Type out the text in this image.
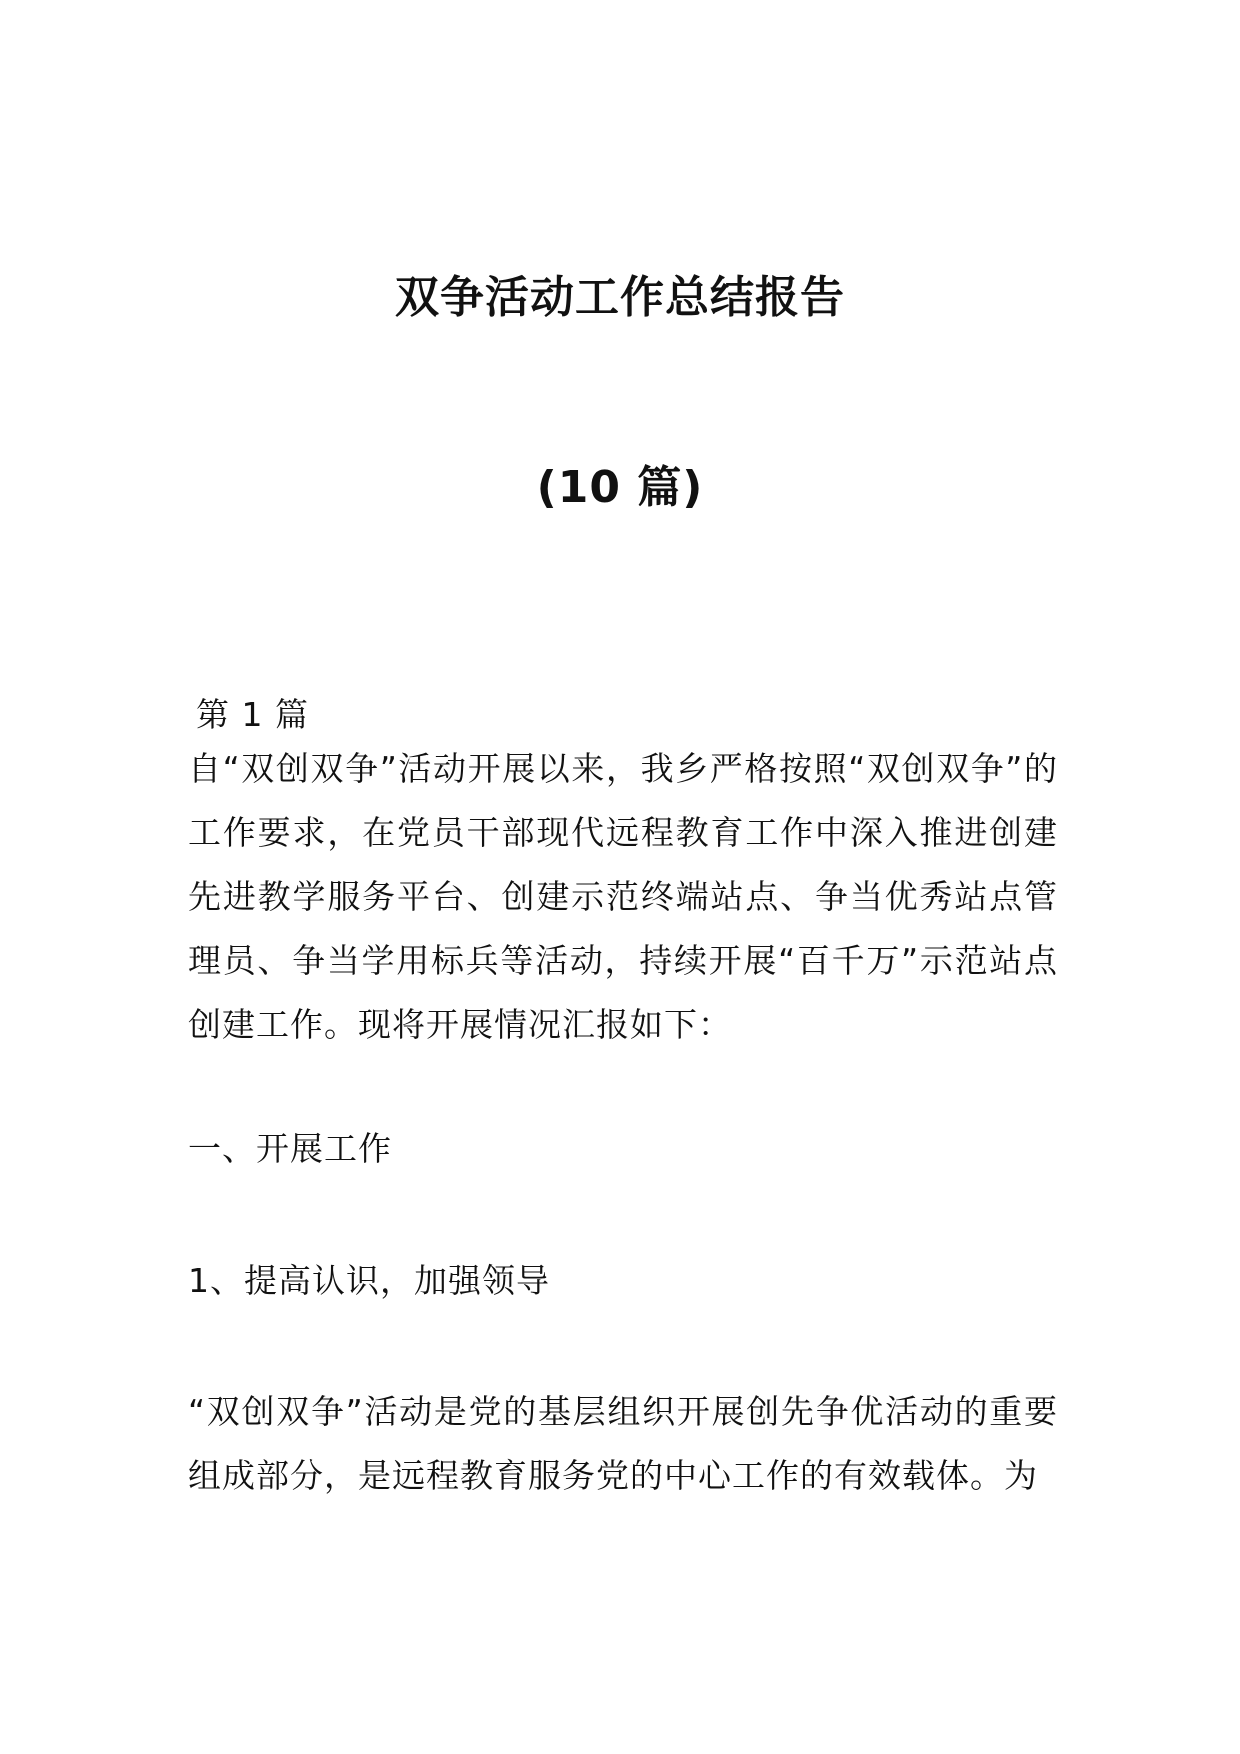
双争活动工作总结报告
(10 篇)
第 1 篇

自“双创双争”活动开展以来，我乡严格按照“双创双争”的工作要求，在党员干部现代远程教育工作中深入推进创建先进教学服务平台、创建示范终端站点、争当优秀站点管理员、争当学用标兵等活动，持续开展“百千万”示范站点创建工作。现将开展情况汇报如下：

一、开展工作
1、提高认识，加强领导

“双创双争”活动是党的基层组织开展创先争优活动的重要组成部分，是远程教育服务党的中心工作的有效载体。为
